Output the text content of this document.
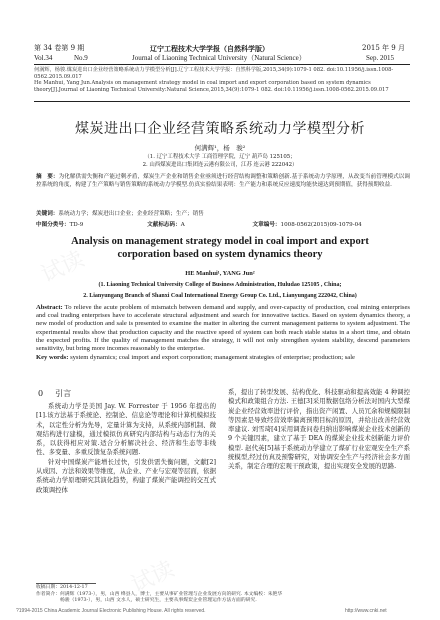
试读
试读
试读
第 34 卷第 9 期	辽宁工程技术大学学报（自然科学版）	2015 年 9 月
Vol.34	No.9	Journal of Liaoning Technical University（Natural Science）	Sep. 2015
何满辉，杨骏.煤炭进出口企业经营策略系统动力学模型分析[J].辽宁工程技术大学学报：自然科学版,2015,34(9):1079-1 082. doi:10.11956/j.issn.1008-0562.2015.09.017
He Manhui, Yang Jun.Analysis on management strategy model in coal import and export corporation based on system dynamics theory[J].Journal of Liaoning Technical University:Natural Science,2015,34(9):1079-1 082. doi:10.11956/j.issn.1008-0562.2015.09.017
煤炭进出口企业经营策略系统动力学模型分析
何满辉¹，杨　骏²
（1. 辽宁工程技术大学 工商管理学院，辽宁 葫芦岛 125105；
2. 山西煤炭进出口集团连云港有限公司，江苏 连云港 222042）
摘　要：为化解供需失衡和产能过剩矛盾，煤炭生产企业和销售企业亟须进行经营结构调整和策略创新.基于系统动力学原理，从改变当前管理模式以调控系统的角度，构建了生产策略与销售策略的系统动力学模型.仿真实验结果表明：生产能力和系统反应速度均能快速达到预期值，获得预期收益.
关键词：系统动力学；煤炭进出口企业；企业经营策略；生产；销售
中图分类号：TD-9	文献标志码：A	文章编号：1008-0562(2015)09-1079-04
Analysis on management strategy model in coal import and export corporation based on system dynamics theory
HE Manhui¹, YANG Jun²
(1. Liaoning Technical University College of Business Administration, Huludao 125105 , China;
2. Lianyungang Branch of Shanxi Coal International Energy Group Co. Ltd., Lianyungang 222042, China)
Abstract: To relieve the acute problem of mismatch between demand and supply, and over-capacity of production, coal mining enterprises and coal trading enterprises have to accelerate structural adjustment and search for innovative tactics. Based on system dynamics theory, a new model of production and sale is presented to examine the matter in altering the current management patterns to system adjustment. The experimental results show that production capacity and the reactive speed of system can both reach stable status in a short time, and obtain the expected profits. If the quality of management matches the strategy, it will not only strengthen system stability, descend parameters sensitivity, but bring more incomes reasonably to the enterprise.
Key words: system dynamics; coal import and export corporation; management strategies of enterprise; production; sale
0 引言

系统动力学是美国 Jay. W. Forrester 于 1956 年提出的[1].该方法基于系统论、控制论、信息论等理论和计算机模拟技术，以定性分析为先导，定量计算为支持，从系统内部机制、微观结构进行建模，通过模拟仿真研究内部结构与动态行为的关系，以获得相应对策.适合分析解决社会、经济和生态等非线性、多变量、多重反馈复杂系统问题.

针对中国煤炭产能增长过快，引发供需失衡问题，文献[2]从成因、方法和效果等维度，从企业、产业与宏观等层面，依据系统动力学原理研究其演化趋势，构建了煤炭产能调控的交互式政策调控体

系，提出了转型发展、结构优化、科技驱动和提高效能 4 种调控模式和政策组合方法. 王德[3]采用数据包络分析法对国内大型煤炭企业经营效率进行评价，指出资产闲置、人员冗余和规模限制等因素是导致经营效率偏离预期目标的原因，并给出改善经营效率建议. 刘雪琦[4]采用调查问卷归纳出影响煤炭企业技术创新的 9 个关键因素，建立了基于 DEA 的煤炭企业技术创新能力评价模型. 赵代英[5]基于系统动力学建立了煤矿行业宏观安全生产系统模型,经过仿真及预警研究，对协调安全生产与经济社会多方面关系，制定合理的宏观干预政策，提出实现安全发展的思路.

收稿日期：2014-12-17
作者简介：何满辉（1973-），男，山西 绛县人，博士，主要从事矿业管理与企业发展方向的研究. 本文编校：朱艳华
杨骏（1973-），男，山西 文水人，硕士研究生，主要从事煤炭企业管理运作方法方面的研究.
?1994-2015 China Academic Journal Electronic Publishing House. All rights reserved.	http://www.cnki.net
